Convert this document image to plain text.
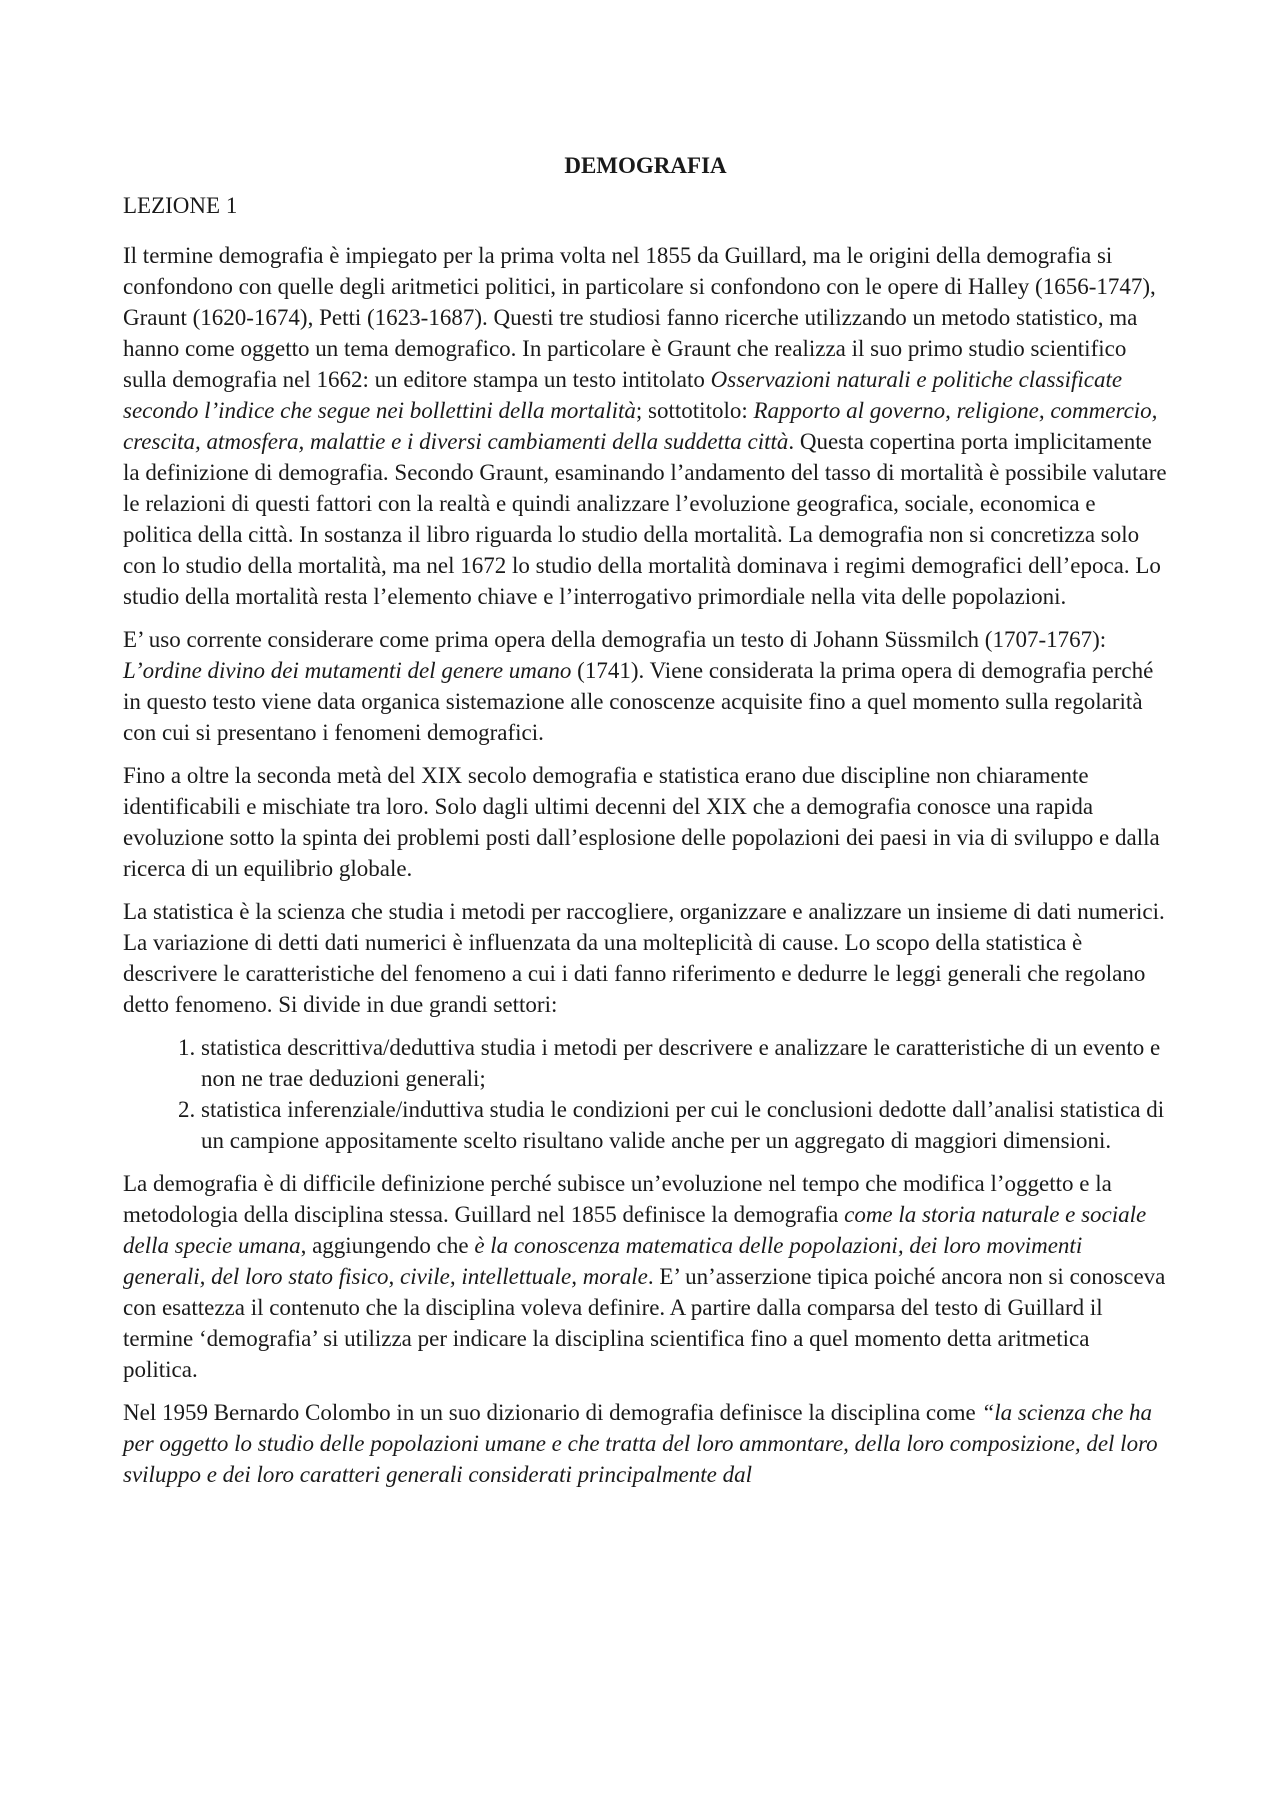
DEMOGRAFIA
LEZIONE 1

Il termine demografia è impiegato per la prima volta nel 1855 da Guillard, ma le origini della demografia si confondono con quelle degli aritmetici politici, in particolare si confondono con le opere di Halley (1656-1747), Graunt (1620-1674), Petti (1623-1687). Questi tre studiosi fanno ricerche utilizzando un metodo statistico, ma hanno come oggetto un tema demografico. In particolare è Graunt che realizza il suo primo studio scientifico sulla demografia nel 1662: un editore stampa un testo intitolato Osservazioni naturali e politiche classificate secondo l’indice che segue nei bollettini della mortalità; sottotitolo: Rapporto al governo, religione, commercio, crescita, atmosfera, malattie e i diversi cambiamenti della suddetta città. Questa copertina porta implicitamente la definizione di demografia. Secondo Graunt, esaminando l’andamento del tasso di mortalità è possibile valutare le relazioni di questi fattori con la realtà e quindi analizzare l’evoluzione geografica, sociale, economica e politica della città. In sostanza il libro riguarda lo studio della mortalità. La demografia non si concretizza solo con lo studio della mortalità, ma nel 1672 lo studio della mortalità dominava i regimi demografici dell’epoca. Lo studio della mortalità resta l’elemento chiave e l’interrogativo primordiale nella vita delle popolazioni.

E’ uso corrente considerare come prima opera della demografia un testo di Johann Süssmilch (1707-1767): L’ordine divino dei mutamenti del genere umano (1741). Viene considerata la prima opera di demografia perché in questo testo viene data organica sistemazione alle conoscenze acquisite fino a quel momento sulla regolarità con cui si presentano i fenomeni demografici.

Fino a oltre la seconda metà del XIX secolo demografia e statistica erano due discipline non chiaramente identificabili e mischiate tra loro. Solo dagli ultimi decenni del XIX che a demografia conosce una rapida evoluzione sotto la spinta dei problemi posti dall’esplosione delle popolazioni dei paesi in via di sviluppo e dalla ricerca di un equilibrio globale.

La statistica è la scienza che studia i metodi per raccogliere, organizzare e analizzare un insieme di dati numerici. La variazione di detti dati numerici è influenzata da una molteplicità di cause. Lo scopo della statistica è descrivere le caratteristiche del fenomeno a cui i dati fanno riferimento e dedurre le leggi generali che regolano detto fenomeno. Si divide in due grandi settori:

1. statistica descrittiva/deduttiva studia i metodi per descrivere e analizzare le caratteristiche di un evento e non ne trae deduzioni generali;
2. statistica inferenziale/induttiva studia le condizioni per cui le conclusioni dedotte dall’analisi statistica di un campione appositamente scelto risultano valide anche per un aggregato di maggiori dimensioni.

La demografia è di difficile definizione perché subisce un’evoluzione nel tempo che modifica l’oggetto e la metodologia della disciplina stessa. Guillard nel 1855 definisce la demografia come la storia naturale e sociale della specie umana, aggiungendo che è la conoscenza matematica delle popolazioni, dei loro movimenti generali, del loro stato fisico, civile, intellettuale, morale. E’ un’asserzione tipica poiché ancora non si conosceva con esattezza il contenuto che la disciplina voleva definire. A partire dalla comparsa del testo di Guillard il termine ‘demografia’ si utilizza per indicare la disciplina scientifica fino a quel momento detta aritmetica politica.

Nel 1959 Bernardo Colombo in un suo dizionario di demografia definisce la disciplina come “la scienza che ha per oggetto lo studio delle popolazioni umane e che tratta del loro ammontare, della loro composizione, del loro sviluppo e dei loro caratteri generali considerati principalmente dal
